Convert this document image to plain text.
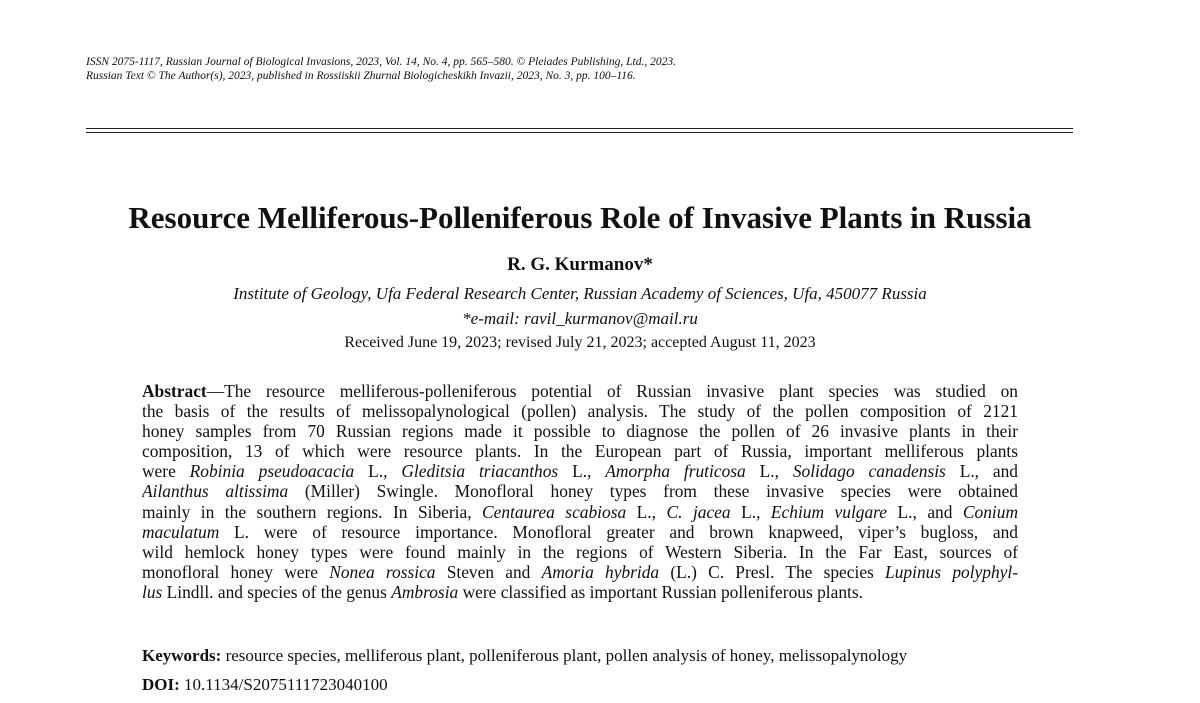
ISSN 2075-1117, Russian Journal of Biological Invasions, 2023, Vol. 14, No. 4, pp. 565–580. © Pleiades Publishing, Ltd., 2023.
Russian Text © The Author(s), 2023, published in Rossiiskii Zhurnal Biologicheskikh Invazii, 2023, No. 3, pp. 100–116.
Resource Melliferous-Polleniferous Role of Invasive Plants in Russia
R. G. Kurmanov*
Institute of Geology, Ufa Federal Research Center, Russian Academy of Sciences, Ufa, 450077 Russia
*e-mail: ravil_kurmanov@mail.ru
Received June 19, 2023; revised July 21, 2023; accepted August 11, 2023
Abstract—The resource melliferous-polleniferous potential of Russian invasive plant species was studied on
the basis of the results of melissopalynological (pollen) analysis. The study of the pollen composition of 2121
honey samples from 70 Russian regions made it possible to diagnose the pollen of 26 invasive plants in their
composition, 13 of which were resource plants. In the European part of Russia, important melliferous plants
were Robinia pseudoacacia L., Gleditsia triacanthos L., Amorpha fruticosa L., Solidago canadensis L., and
Ailanthus altissima (Miller) Swingle. Monofloral honey types from these invasive species were obtained
mainly in the southern regions. In Siberia, Centaurea scabiosa L., C. jacea L., Echium vulgare L., and Conium
maculatum L. were of resource importance. Monofloral greater and brown knapweed, viper’s bugloss, and
wild hemlock honey types were found mainly in the regions of Western Siberia. In the Far East, sources of
monofloral honey were Nonea rossica Steven and Amoria hybrida (L.) C. Presl. The species Lupinus polyphyl-
lus Lindll. and species of the genus Ambrosia were classified as important Russian polleniferous plants.
Keywords: resource species, melliferous plant, polleniferous plant, pollen analysis of honey, melissopalynology
DOI: 10.1134/S2075111723040100
